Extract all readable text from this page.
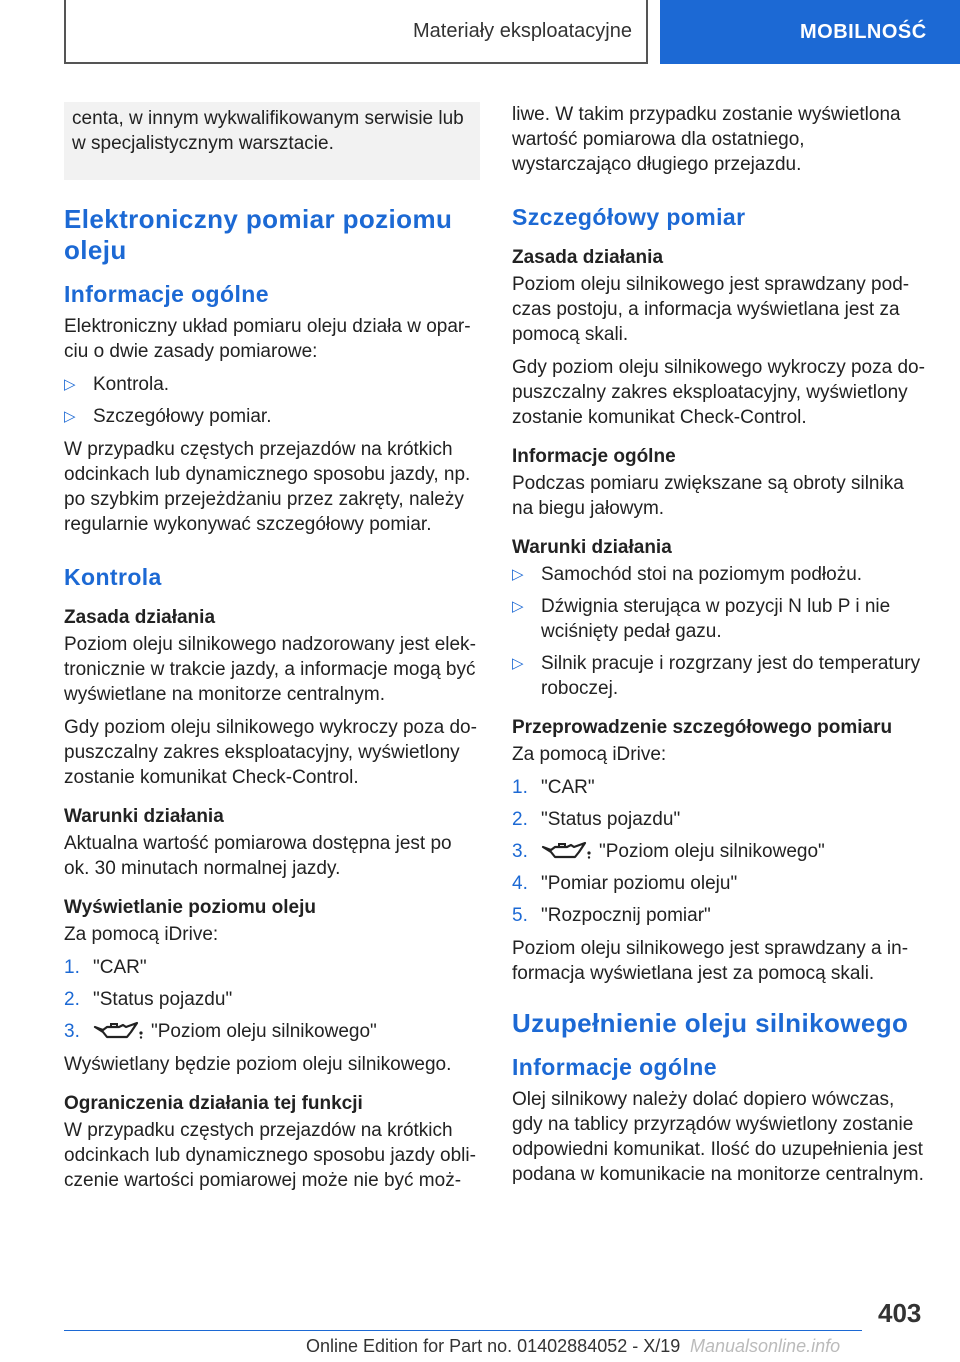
Materiały eksploatacyjne	MOBILNOŚĆ
centa, w innym wykwalifikowanym serwisie lub w specjalistycznym warsztacie.
Elektroniczny pomiar poziomu oleju
Informacje ogólne

Elektroniczny układ pomiaru oleju działa w oparciu o dwie zasady pomiarowe:

▷ Kontrola.
▷ Szczegółowy pomiar.

W przypadku częstych przejazdów na krótkich odcinkach lub dynamicznego sposobu jazdy, np. po szybkim przejeżdżaniu przez zakręty, należy regularnie wykonywać szczegółowy pomiar.

Kontrola
Zasada działania

Poziom oleju silnikowego nadzorowany jest elektronicznie w trakcie jazdy, a informacje mogą być wyświetlane na monitorze centralnym.

Gdy poziom oleju silnikowego wykroczy poza dopuszczalny zakres eksploatacyjny, wyświetlony zostanie komunikat Check-Control.

Warunki działania

Aktualna wartość pomiarowa dostępna jest po ok. 30 minutach normalnej jazdy.

Wyświetlanie poziomu oleju

Za pomocą iDrive:

1. "CAR"
2. "Status pojazdu"
3.	"Poziom oleju silnikowego"

Wyświetlany będzie poziom oleju silnikowego.

Ograniczenia działania tej funkcji

W przypadku częstych przejazdów na krótkich odcinkach lub dynamicznego sposobu jazdy obliczenie wartości pomiarowej może nie być moż-

liwe. W takim przypadku zostanie wyświetlona wartość pomiarowa dla ostatniego, wystarczająco długiego przejazdu.

Szczegółowy pomiar
Zasada działania

Poziom oleju silnikowego jest sprawdzany podczas postoju, a informacja wyświetlana jest za pomocą skali.

Gdy poziom oleju silnikowego wykroczy poza dopuszczalny zakres eksploatacyjny, wyświetlony zostanie komunikat Check-Control.

Informacje ogólne

Podczas pomiaru zwiększane są obroty silnika na biegu jałowym.

Warunki działania
▷ Samochód stoi na poziomym podłożu.
▷ Dźwignia sterująca w pozycji N lub P i nie wciśnięty pedał gazu.
▷ Silnik pracuje i rozgrzany jest do temperatury roboczej.
Przeprowadzenie szczegółowego pomiaru

Za pomocą iDrive:

1. "CAR"
2. "Status pojazdu"
3.	"Poziom oleju silnikowego"
4. "Pomiar poziomu oleju"
5. "Rozpocznij pomiar"

Poziom oleju silnikowego jest sprawdzany a informacja wyświetlana jest za pomocą skali.

Uzupełnienie oleju silnikowego
Informacje ogólne

Olej silnikowy należy dolać dopiero wówczas, gdy na tablicy przyrządów wyświetlony zostanie odpowiedni komunikat. Ilość do uzupełnienia jest podana w komunikacie na monitorze centralnym.

403
Online Edition for Part no. 01402884052 - X/19 Manualsonline.info
